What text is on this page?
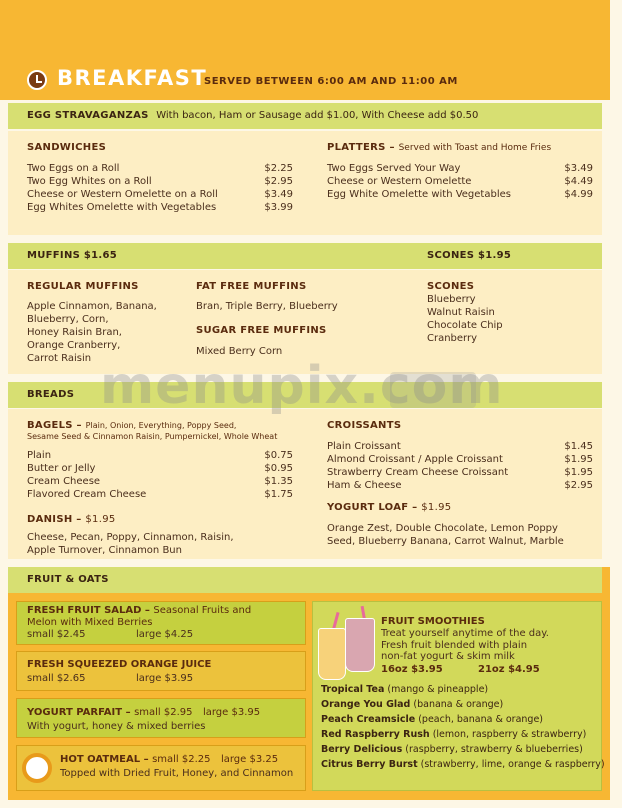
BREAKFAST
SERVED BETWEEN 6:00 AM AND 11:00 AM
EGG STRAVAGANZAS With bacon, Ham or Sausage add $1.00, With Cheese add $0.50
SANDWICHES
Two Eggs on a Roll	$2.25
Two Egg Whites on a Roll	$2.95
Cheese or Western Omelette on a Roll	$3.49
Egg Whites Omelette with Vegetables	$3.99
PLATTERS – Served with Toast and Home Fries
Two Eggs Served Your Way	$3.49
Cheese or Western Omelette	$4.49
Egg White Omelette with Vegetables	$4.99
MUFFINS $1.65	SCONES $1.95
REGULAR MUFFINS
Apple Cinnamon, Banana,
Blueberry, Corn,
Honey Raisin Bran,
Orange Cranberry,
Carrot Raisin
FAT FREE MUFFINS
Bran, Triple Berry, Blueberry
SUGAR FREE MUFFINS
Mixed Berry Corn
SCONES
Blueberry
Walnut Raisin
Chocolate Chip
Cranberry
BREADS
BAGELS – Plain, Onion, Everything, Poppy Seed,
Sesame Seed & Cinnamon Raisin, Pumpernickel, Whole Wheat
Plain	$0.75
Butter or Jelly	$0.95
Cream Cheese	$1.35
Flavored Cream Cheese	$1.75
DANISH – $1.95
Cheese, Pecan, Poppy, Cinnamon, Raisin,
Apple Turnover, Cinnamon Bun
CROISSANTS
Plain Croissant	$1.45
Almond Croissant / Apple Croissant	$1.95
Strawberry Cream Cheese Croissant	$1.95
Ham & Cheese	$2.95
YOGURT LOAF – $1.95
Orange Zest, Double Chocolate, Lemon Poppy
Seed, Blueberry Banana, Carrot Walnut, Marble
menupix.com
FRUIT & OATS
FRESH FRUIT SALAD – Seasonal Fruits and
Melon with Mixed Berries
small $2.45	large $4.25
FRESH SQUEEZED ORANGE JUICE
small $2.65	large $3.95
YOGURT PARFAIT – small $2.95 large $3.95
With yogurt, honey & mixed berries
HOT OATMEAL – small $2.25 large $3.25
Topped with Dried Fruit, Honey, and Cinnamon
FRUIT SMOOTHIES
Treat yourself anytime of the day.
Fresh fruit blended with plain
non-fat yogurt & skim milk
16oz $3.95	21oz $4.95
Tropical Tea (mango & pineapple)
Orange You Glad (banana & orange)
Peach Creamsicle (peach, banana & orange)
Red Raspberry Rush (lemon, raspberry & strawberry)
Berry Delicious (raspberry, strawberry & blueberries)
Citrus Berry Burst (strawberry, lime, orange & raspberry)
